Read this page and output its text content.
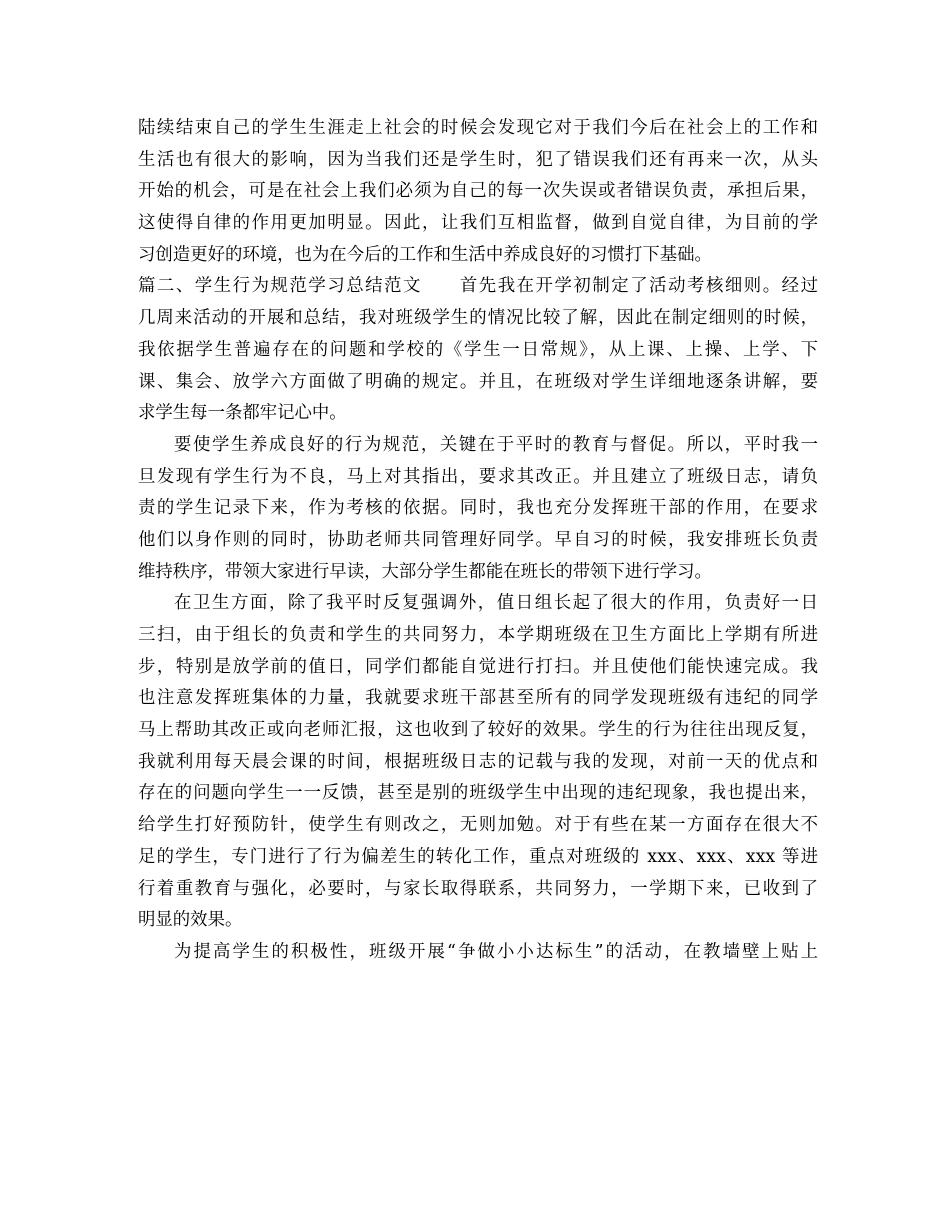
陆续结束自己的学生生涯走上社会的时候会发现它对于我们今后在社会上的工作和
生活也有很大的影响，因为当我们还是学生时，犯了错误我们还有再来一次，从头
开始的机会，可是在社会上我们必须为自己的每一次失误或者错误负责，承担后果，
这使得自律的作用更加明显。因此，让我们互相监督，做到自觉自律，为目前的学
习创造更好的环境，也为在今后的工作和生活中养成良好的习惯打下基础。
篇二、学生行为规范学习总结范文　　首先我在开学初制定了活动考核细则。经过
几周来活动的开展和总结，我对班级学生的情况比较了解，因此在制定细则的时候，
我依据学生普遍存在的问题和学校的《学生一日常规》，从上课、上操、上学、下
课、集会、放学六方面做了明确的规定。并且，在班级对学生详细地逐条讲解，要
求学生每一条都牢记心中。
要使学生养成良好的行为规范，关键在于平时的教育与督促。所以，平时我一
旦发现有学生行为不良，马上对其指出，要求其改正。并且建立了班级日志，请负
责的学生记录下来，作为考核的依据。同时，我也充分发挥班干部的作用，在要求
他们以身作则的同时，协助老师共同管理好同学。早自习的时候，我安排班长负责
维持秩序，带领大家进行早读，大部分学生都能在班长的带领下进行学习。
在卫生方面，除了我平时反复强调外，值日组长起了很大的作用，负责好一日
三扫，由于组长的负责和学生的共同努力，本学期班级在卫生方面比上学期有所进
步，特别是放学前的值日，同学们都能自觉进行打扫。并且使他们能快速完成。我
也注意发挥班集体的力量，我就要求班干部甚至所有的同学发现班级有违纪的同学
马上帮助其改正或向老师汇报，这也收到了较好的效果。学生的行为往往出现反复，
我就利用每天晨会课的时间，根据班级日志的记载与我的发现，对前一天的优点和
存在的问题向学生一一反馈，甚至是别的班级学生中出现的违纪现象，我也提出来，
给学生打好预防针，使学生有则改之，无则加勉。对于有些在某一方面存在很大不
足的学生，专门进行了行为偏差生的转化工作，重点对班级的 xxx、xxx、xxx 等进
行着重教育与强化，必要时，与家长取得联系，共同努力，一学期下来，已收到了
明显的效果。
为提高学生的积极性，班级开展“争做小小达标生”的活动，在教墙壁上贴上
